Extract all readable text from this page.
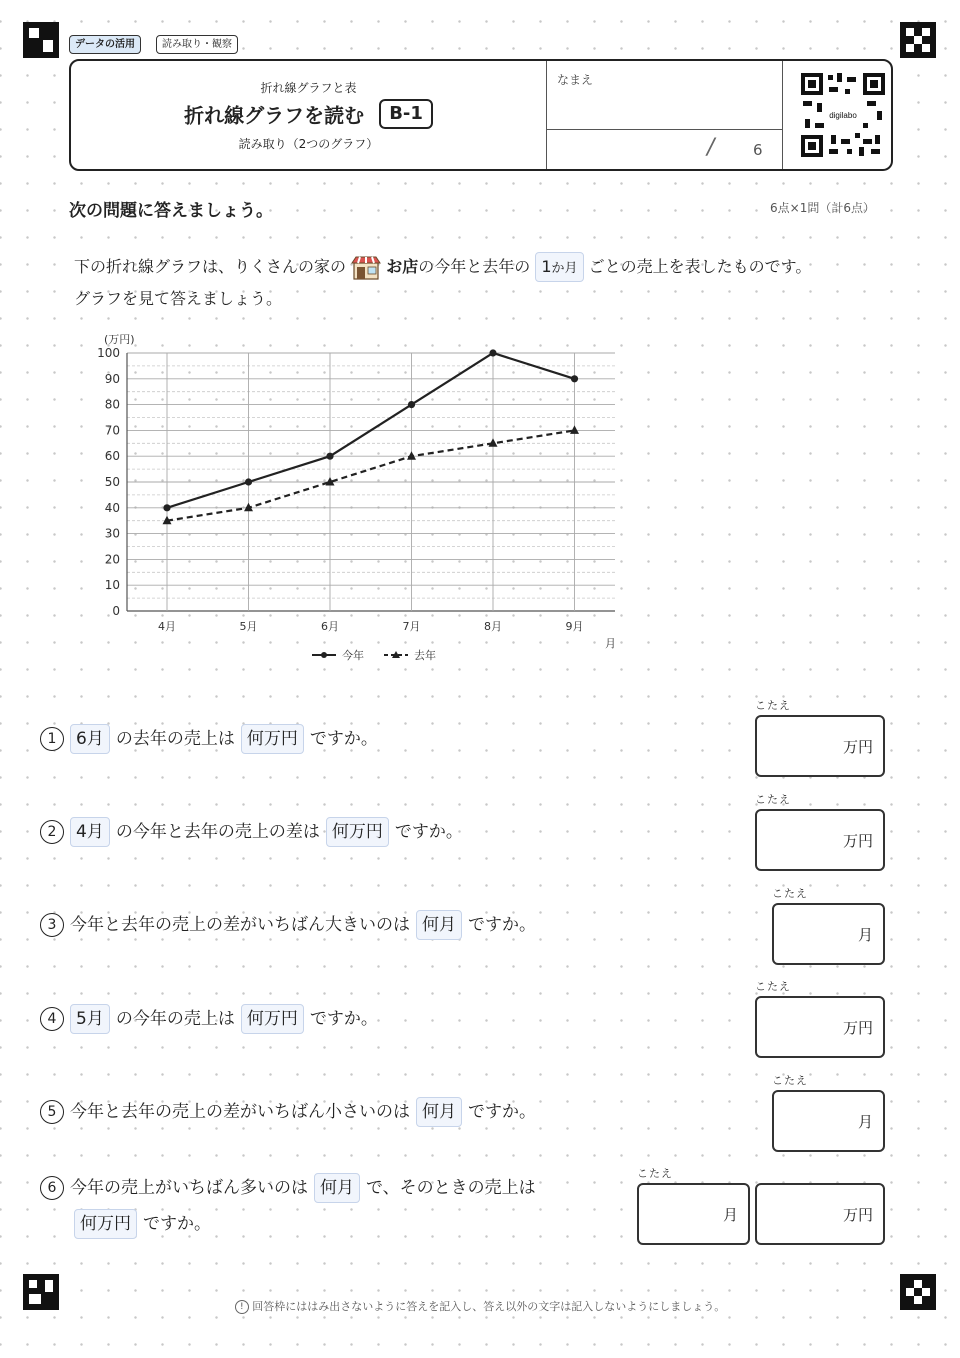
データの活用	読み取り・観察
折れ線グラフと表
折れ線グラフを読む B-1
読み取り（2つのグラフ）
なまえ
/	6
digilabo
次の問題に答えましょう。	6点×1問（計6点）
下の折れ線グラフは、りくさんの家の	お店の今年と去年の 1か月 ごとの売上を表したものです。
グラフを見て答えましょう。
0
10
20
30
40
50
60
70
80
90
100
4月	5月	6月	7月	8月	9月
(万円)
月
今年	去年
1 6月 の去年の売上は 何万円 ですか。
こたえ
万円
2 4月 の今年と去年の売上の差は 何万円 ですか。
こたえ
万円
3 今年と去年の売上の差がいちばん大きいのは 何月 ですか。
こたえ
月
4 5月 の今年の売上は 何万円 ですか。
こたえ
万円
5 今年と去年の売上の差がいちばん小さいのは 何月 ですか。
こたえ
月
6 今年の売上がいちばん多いのは 何月 で、そのときの売上は
何万円 ですか。
こたえ
月	万円
! 回答枠にははみ出さないように答えを記入し、答え以外の文字は記入しないようにしましょう。
